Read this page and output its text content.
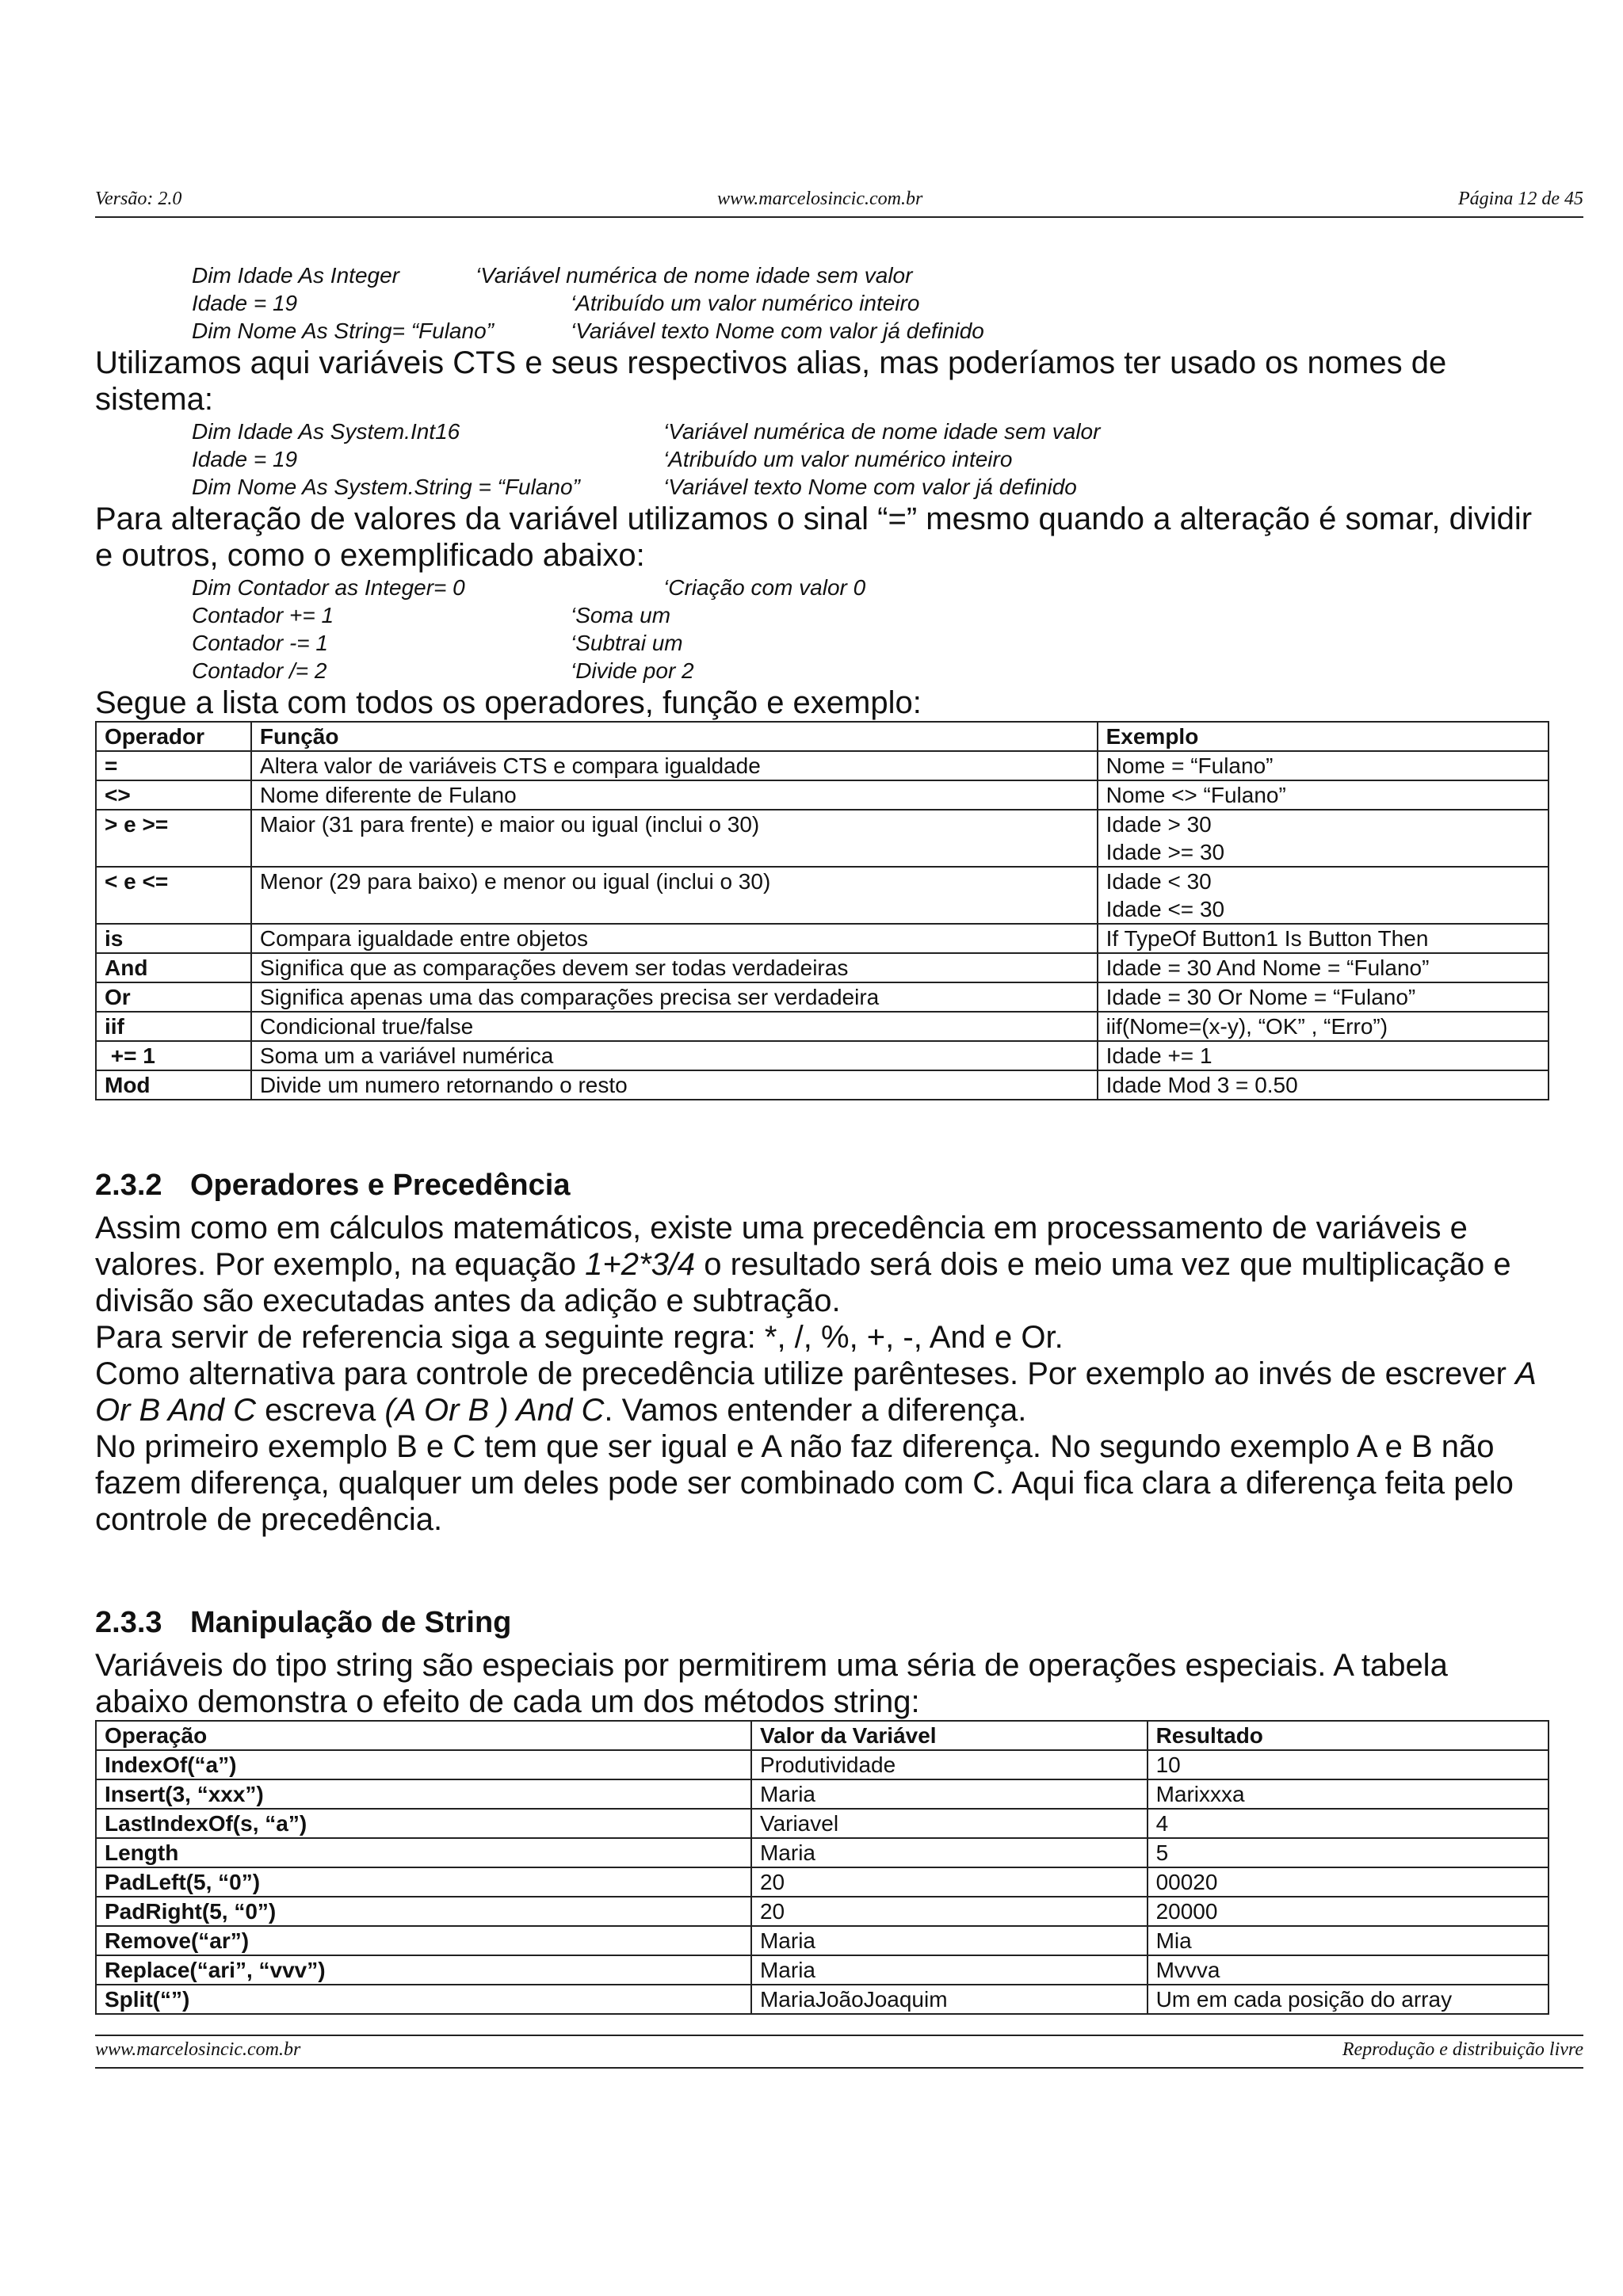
Versão: 2.0	www.marcelosincic.com.br	Página 12 de 45
Dim Idade As Integer	‘Variável numérica de nome idade sem valor
Idade = 19	‘Atribuído um valor numérico inteiro
Dim Nome As String= “Fulano”	‘Variável texto Nome com valor já definido

Utilizamos aqui variáveis CTS e seus respectivos alias, mas poderíamos ter usado os nomes de sistema:

Dim Idade As System.Int16	‘Variável numérica de nome idade sem valor
Idade = 19	‘Atribuído um valor numérico inteiro
Dim Nome As System.String = “Fulano”	‘Variável texto Nome com valor já definido

Para alteração de valores da variável utilizamos o sinal “=” mesmo quando a alteração é somar, dividir e outros, como o exemplificado abaixo:

Dim Contador as Integer= 0	‘Criação com valor 0
Contador += 1	‘Soma um
Contador -= 1	‘Subtrai um
Contador /= 2	‘Divide por 2

Segue a lista com todos os operadores, função e exemplo:

Operador	Função	Exemplo
=	Altera valor de variáveis CTS e compara igualdade	Nome = “Fulano”
<>	Nome diferente de Fulano	Nome <> “Fulano”
> e >=	Maior (31 para frente) e maior ou igual (inclui o 30)	Idade > 30
Idade >= 30

< e <=	Menor (29 para baixo) e menor ou igual (inclui o 30)	Idade < 30
Idade <= 30

is	Compara igualdade entre objetos	If TypeOf Button1 Is Button Then
And	Significa que as comparações devem ser todas verdadeiras	Idade = 30 And Nome = “Fulano”
Or	Significa apenas uma das comparações precisa ser verdadeira	Idade = 30 Or Nome = “Fulano”
iif	Condicional true/false	iif(Nome=(x-y), “OK” , “Erro”)
+= 1	Soma um a variável numérica	Idade += 1
Mod	Divide um numero retornando o resto	Idade Mod 3 = 0.50
2.3.2 Operadores e Precedência

Assim como em cálculos matemáticos, existe uma precedência em processamento de variáveis e valores. Por exemplo, na equação 1+2*3/4 o resultado será dois e meio uma vez que multiplicação e divisão são executadas antes da adição e subtração.

Para servir de referencia siga a seguinte regra: *, /, %, +, -, And e Or.

Como alternativa para controle de precedência utilize parênteses. Por exemplo ao invés de escrever A Or B And C escreva (A Or B ) And C. Vamos entender a diferença.

No primeiro exemplo B e C tem que ser igual e A não faz diferença. No segundo exemplo A e B não fazem diferença, qualquer um deles pode ser combinado com C. Aqui fica clara a diferença feita pelo controle de precedência.

2.3.3 Manipulação de String

Variáveis do tipo string são especiais por permitirem uma séria de operações especiais. A tabela abaixo demonstra o efeito de cada um dos métodos string:

Operação	Valor da Variável	Resultado
IndexOf(“a”)	Produtividade	10
Insert(3, “xxx”)	Maria	Marixxxa
LastIndexOf(s, “a”)	Variavel	4
Length	Maria	5
PadLeft(5, “0”)	20	00020
PadRight(5, “0”)	20	20000
Remove(“ar”)	Maria	Mia
Replace(“ari”, “vvv”)	Maria	Mvvva
Split(“”)	MariaJoãoJoaquim	Um em cada posição do array
www.marcelosincic.com.br	Reprodução e distribuição livre
